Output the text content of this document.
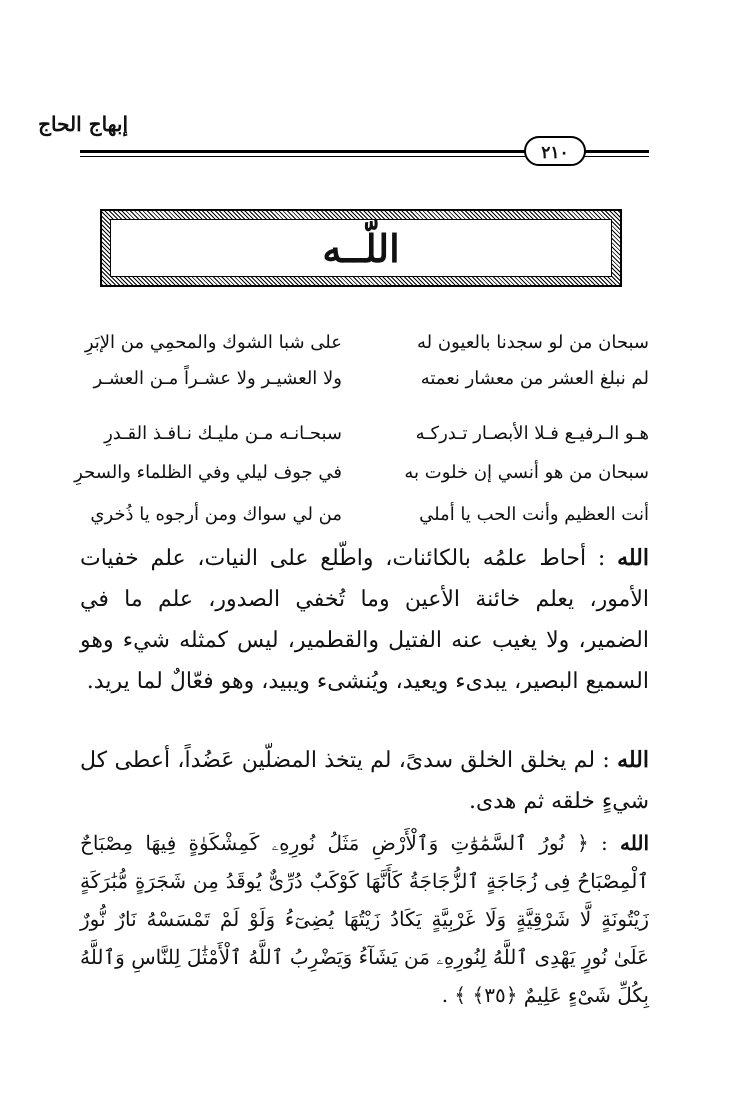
إبهاج الحاج
٢١٠
اللّــه
سبحان من لو سجدنا بالعيون له
على شبا الشوك والمحمِي من الإبَرِ
لم نبلغ العشر من معشار نعمته
ولا العشيـر ولا عشـراً مـن العشـر
هـو الـرفيـع فـلا الأبصـار تـدركـه
سبحـانـه مـن مليـك نـافـذ القـدرِ
سبحان من هو أنسي إن خلوت به
في جوف ليلي وفي الظلماء والسحرِ
أنت العظيم وأنت الحب يا أملي
من لي سواك ومن أرجوه يا ذُخري
الله : أحاط علمُه بالكائنات، واطّلع على النيات، علم خفيات الأمور، يعلم خائنة الأعين وما تُخفي الصدور، علم ما في الضمير، ولا يغيب عنه الفتيل والقطمير، ليس كمثله شيء وهو السميع البصير، يبدىء ويعيد، ويُنشىء ويبيد، وهو فعّالٌ لما يريد.
الله : لم يخلق الخلق سدىً، لم يتخذ المضلّين عَضُداً، أعطى كل شيءٍ خلقه ثم هدى.
الله : ﴿ نُورُ ٱلسَّمَٰوَٰتِ وَٱلْأَرْضِ مَثَلُ نُورِهِۦ كَمِشْكَوٰةٍ فِيهَا مِصْبَاحٌ ٱلْمِصْبَاحُ فِى زُجَاجَةٍ ٱلزُّجَاجَةُ كَأَنَّهَا كَوْكَبٌ دُرِّىٌّ يُوقَدُ مِن شَجَرَةٍ مُّبَٰرَكَةٍ زَيْتُونَةٍ لَّا شَرْقِيَّةٍ وَلَا غَرْبِيَّةٍ يَكَادُ زَيْتُهَا يُضِىٓءُ وَلَوْ لَمْ تَمْسَسْهُ نَارٌ نُّورٌ عَلَىٰ نُورٍ يَهْدِى ٱللَّهُ لِنُورِهِۦ مَن يَشَآءُ وَيَضْرِبُ ٱللَّهُ ٱلْأَمْثَٰلَ لِلنَّاسِ وَٱللَّهُ بِكُلِّ شَىْءٍ عَلِيمٌ ﴿٣٥﴾ ﴾ .
